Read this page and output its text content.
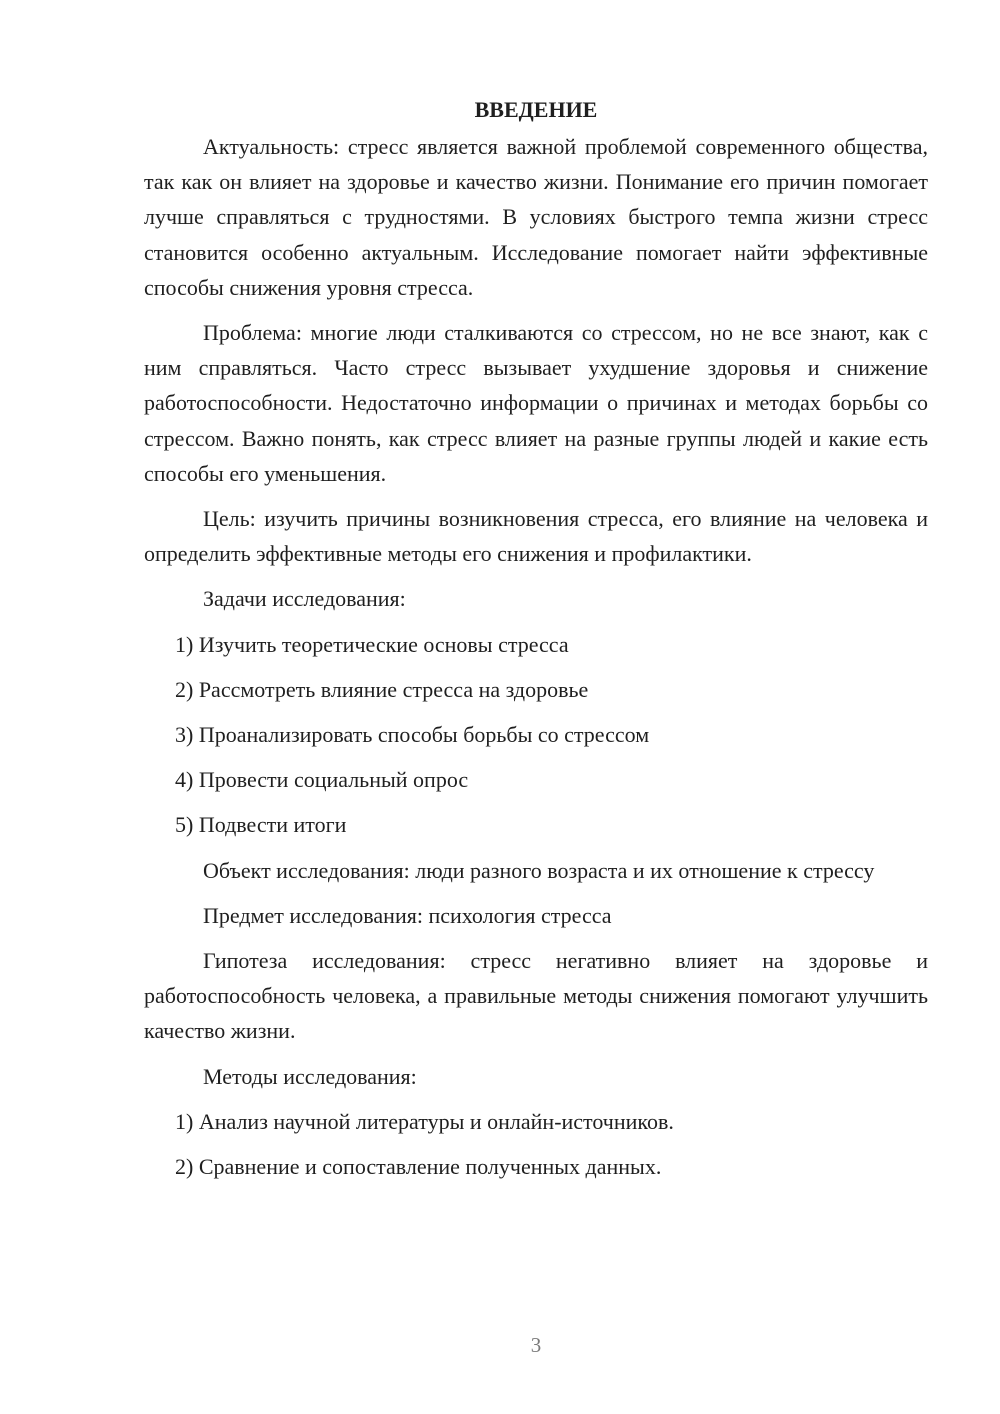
ВВЕДЕНИЕ

Актуальность: стресс является важной проблемой современного общества, так как он влияет на здоровье и качество жизни. Понимание его причин помогает лучше справляться с трудностями. В условиях быстрого темпа жизни стресс становится особенно актуальным. Исследование помогает найти эффективные способы снижения уровня стресса.

Проблема: многие люди сталкиваются со стрессом, но не все знают, как с ним справляться. Часто стресс вызывает ухудшение здоровья и снижение работоспособности. Недостаточно информации о причинах и методах борьбы со стрессом. Важно понять, как стресс влияет на разные группы людей и какие есть способы его уменьшения.

Цель: изучить причины возникновения стресса, его влияние на человека и определить эффективные методы его снижения и профилактики.

Задачи исследования:

1) Изучить теоретические основы стресса
2) Рассмотреть влияние стресса на здоровье
3) Проанализировать способы борьбы со стрессом
4) Провести социальный опрос
5) Подвести итоги

Объект исследования: люди разного возраста и их отношение к стрессу

Предмет исследования: психология стресса

Гипотеза исследования: стресс негативно влияет на здоровье и работоспособность человека, а правильные методы снижения помогают улучшить качество жизни.

Методы исследования:

1) Анализ научной литературы и онлайн-источников.
2) Сравнение и сопоставление полученных данных.
3
